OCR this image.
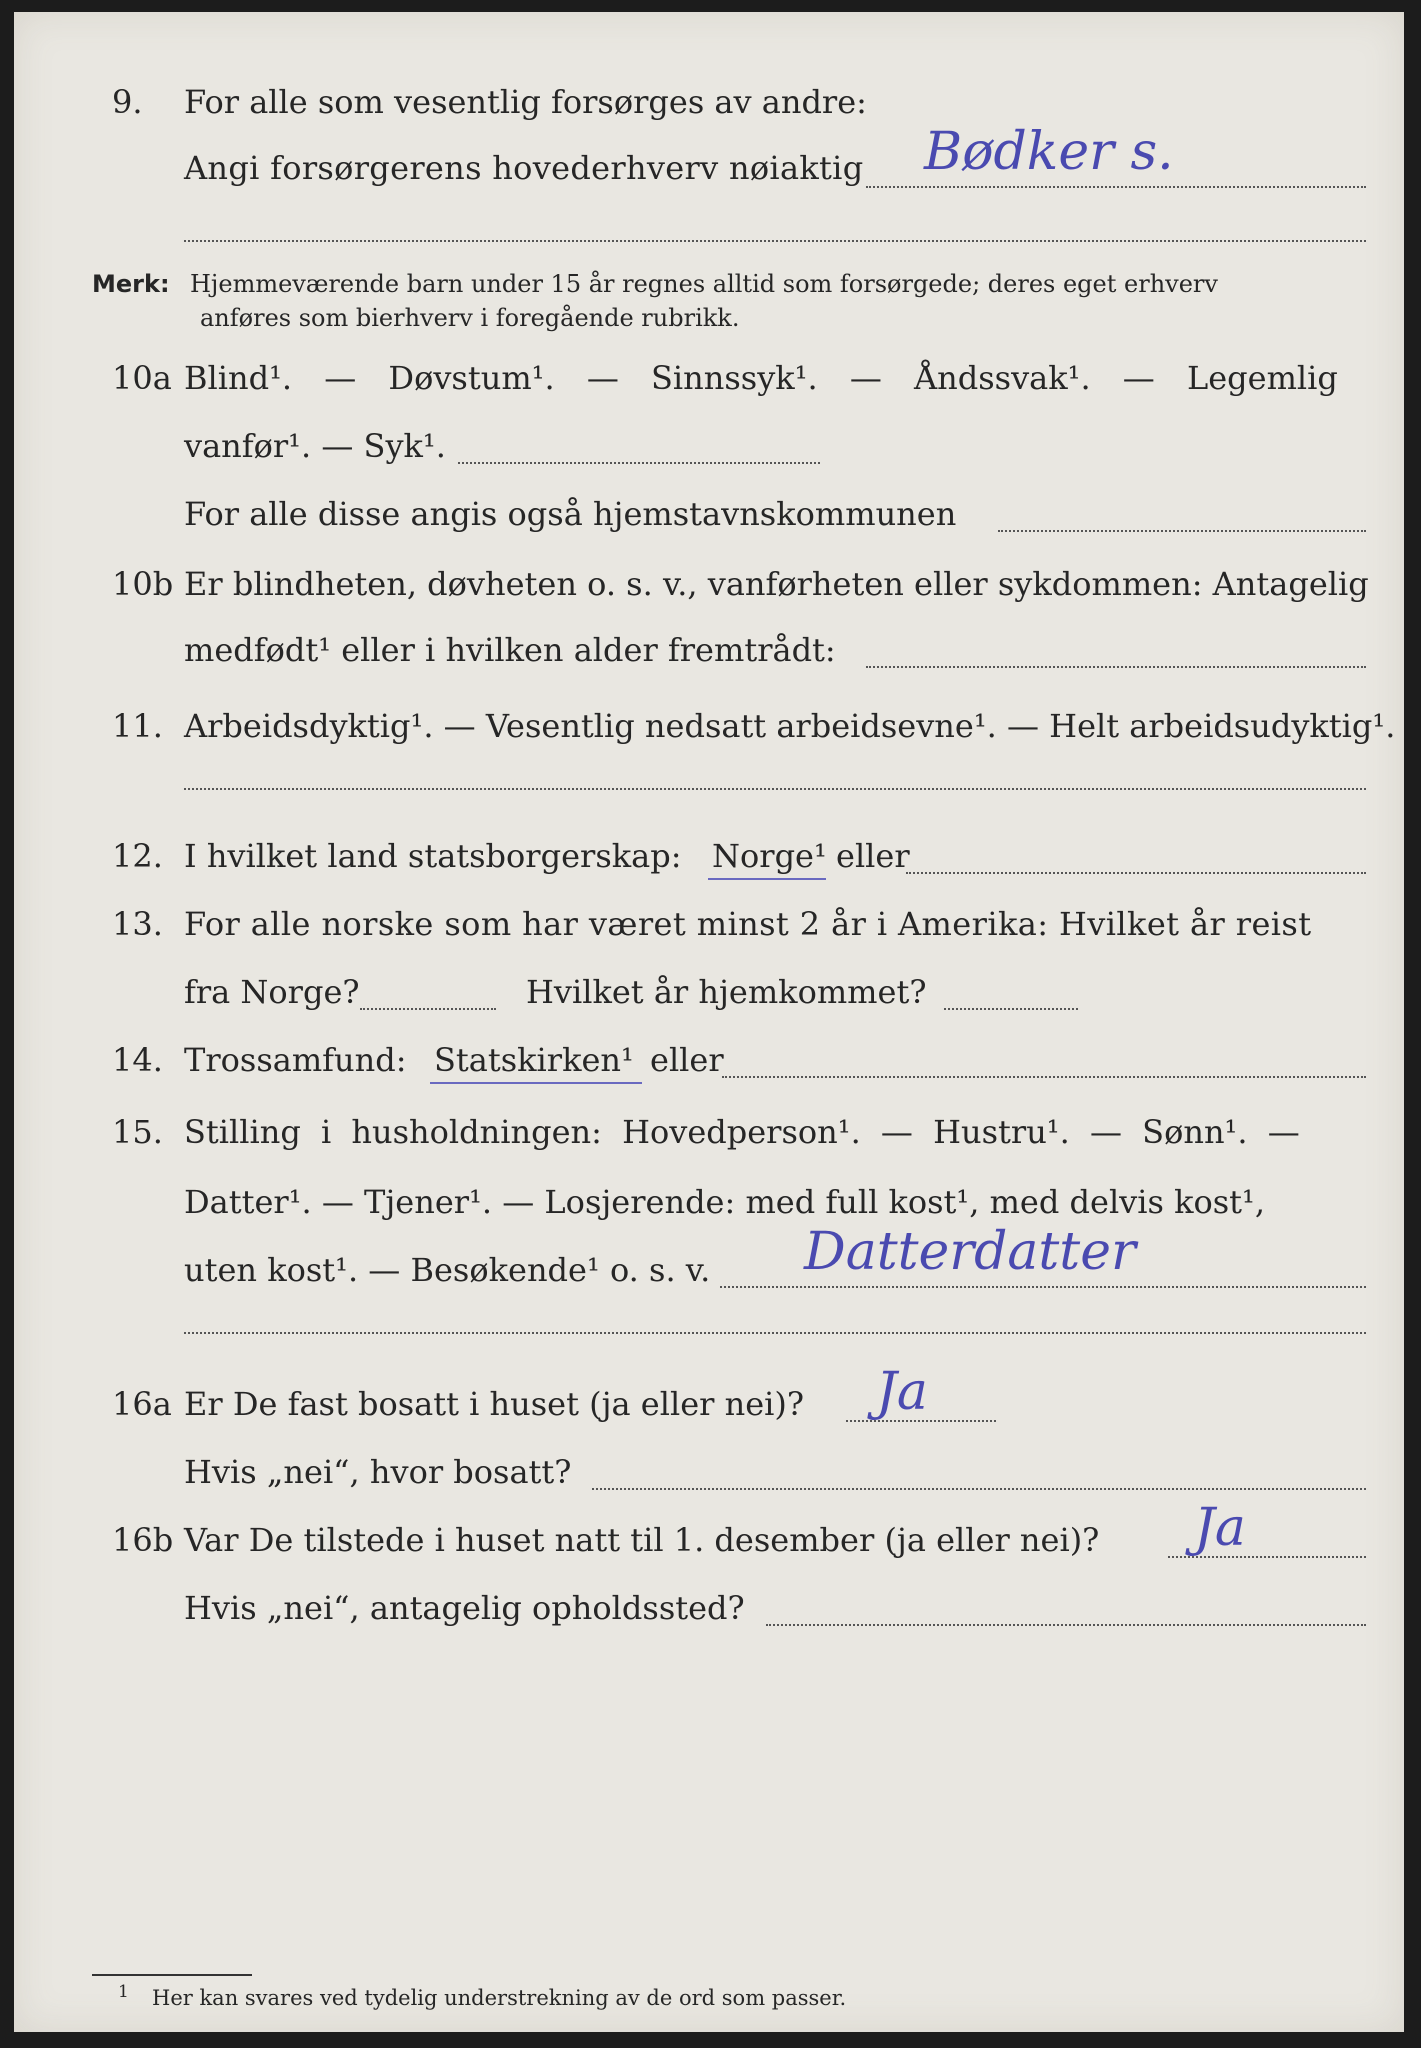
9. For alle som vesentlig forsørges av andre:
Angi forsørgerens hovederhverv nøiaktig Bødker s.
Merk: Hjemmeværende barn under 15 år regnes alltid som forsørgede; deres eget erhverv
anføres som bierhverv i foregående rubrikk.
10a Blind¹. — Døvstum¹. — Sinnssyk¹. — Åndssvak¹. — Legemlig
vanfør¹. — Syk¹.
For alle disse angis også hjemstavnskommunen
10b Er blindheten, døvheten o. s. v., vanførheten eller sykdommen: Antagelig
medfødt¹ eller i hvilken alder fremtrådt:
11. Arbeidsdyktig¹. — Vesentlig nedsatt arbeidsevne¹. — Helt arbeidsudyktig¹.
12. I hvilket land statsborgerskap: Norge¹ eller
13. For alle norske som har været minst 2 år i Amerika: Hvilket år reist
fra Norge?	Hvilket år hjemkommet?
14. Trossamfund: Statskirken¹ eller
15. Stilling i husholdningen: Hovedperson¹. — Hustru¹. — Sønn¹. —
Datter¹. — Tjener¹. — Losjerende: med full kost¹, med delvis kost¹,
uten kost¹. — Besøkende¹ o. s. v. Datterdatter
16a Er De fast bosatt i huset (ja eller nei)? Ja
Hvis „nei“, hvor bosatt?
16b Var De tilstede i huset natt til 1. desember (ja eller nei)? Ja
Hvis „nei“, antagelig opholdssted?
1 Her kan svares ved tydelig understrekning av de ord som passer.
